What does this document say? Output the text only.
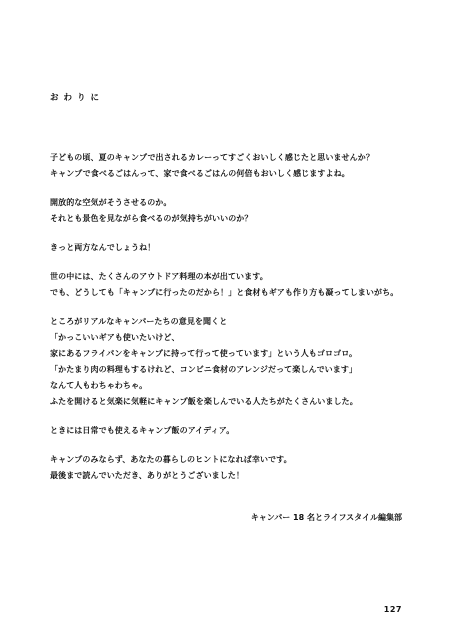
おわりに
子どもの頃、夏のキャンプで出されるカレーってすごくおいしく感じたと思いませんか？
キャンプで食べるごはんって、家で食べるごはんの何倍もおいしく感じますよね。
開放的な空気がそうさせるのか。
それとも景色を見ながら食べるのが気持ちがいいのか？
きっと両方なんでしょうね！
世の中には、たくさんのアウトドア料理の本が出ています。
でも、どうしても「キャンプに行ったのだから！」と食材もギアも作り方も凝ってしまいがち。
ところがリアルなキャンパーたちの意見を聞くと
「かっこいいギアも使いたいけど、
家にあるフライパンをキャンプに持って行って使っています」という人もゴロゴロ。
「かたまり肉の料理もするけれど、コンビニ食材のアレンジだって楽しんでいます」
なんて人もわちゃわちゃ。
ふたを開けると気楽に気軽にキャンプ飯を楽しんでいる人たちがたくさんいました。
ときには日常でも使えるキャンプ飯のアイディア。
キャンプのみならず、あなたの暮らしのヒントになれば幸いです。
最後まで読んでいただき、ありがとうございました！
キャンパー 18 名とライフスタイル編集部
127
